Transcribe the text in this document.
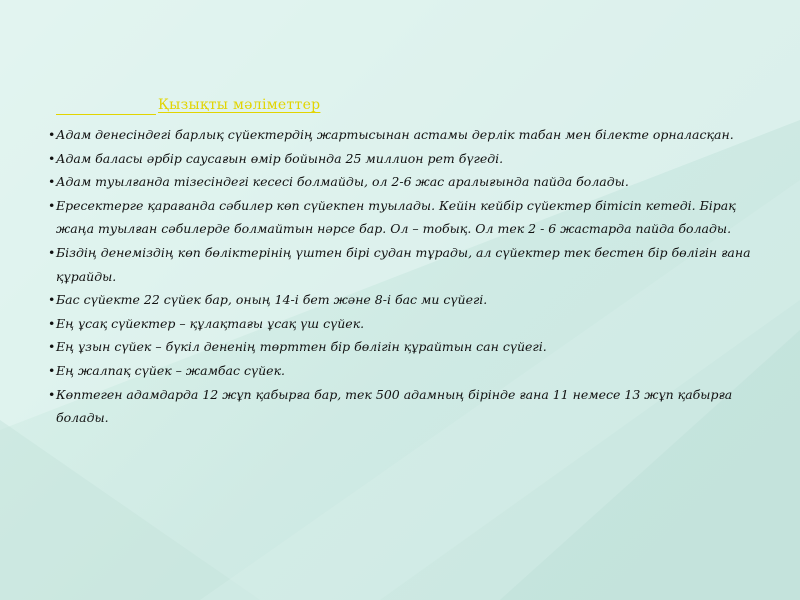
Қызықты мәліметтер
• Адам денесіндегі барлық сүйектердің жартысынан астамы дерлік табан мен білекте орналасқан.
• Адам баласы әрбір саусағын өмір бойында 25 миллион рет бүгеді.
• Адам туылғанда тізесіндегі кесесі болмайды, ол 2-6 жас аралығында пайда болады.
• Ересектерге қарағанда сәбилер көп сүйекпен туылады. Кейін кейбір сүйектер бітісіп кетеді. Бірақ жаңа туылған сәбилерде болмайтын нәрсе бар. Ол – тобық. Ол тек 2 - 6 жастарда пайда болады.
• Біздің денеміздің көп бөліктерінің үштен бірі судан тұрады, ал сүйектер тек бестен бір бөлігін ғана құрайды.
• Бас сүйекте 22 сүйек бар, оның 14-і бет және 8-і бас ми сүйегі.
• Ең ұсақ сүйектер – құлақтағы ұсақ үш сүйек.
• Ең ұзын сүйек – бүкіл дененің төрттен бір бөлігін құрайтын сан сүйегі.
• Ең жалпақ сүйек – жамбас сүйек.
• Көптеген адамдарда 12 жұп қабырға бар, тек 500 адамның бірінде ғана 11 немесе 13 жұп қабырға болады.
